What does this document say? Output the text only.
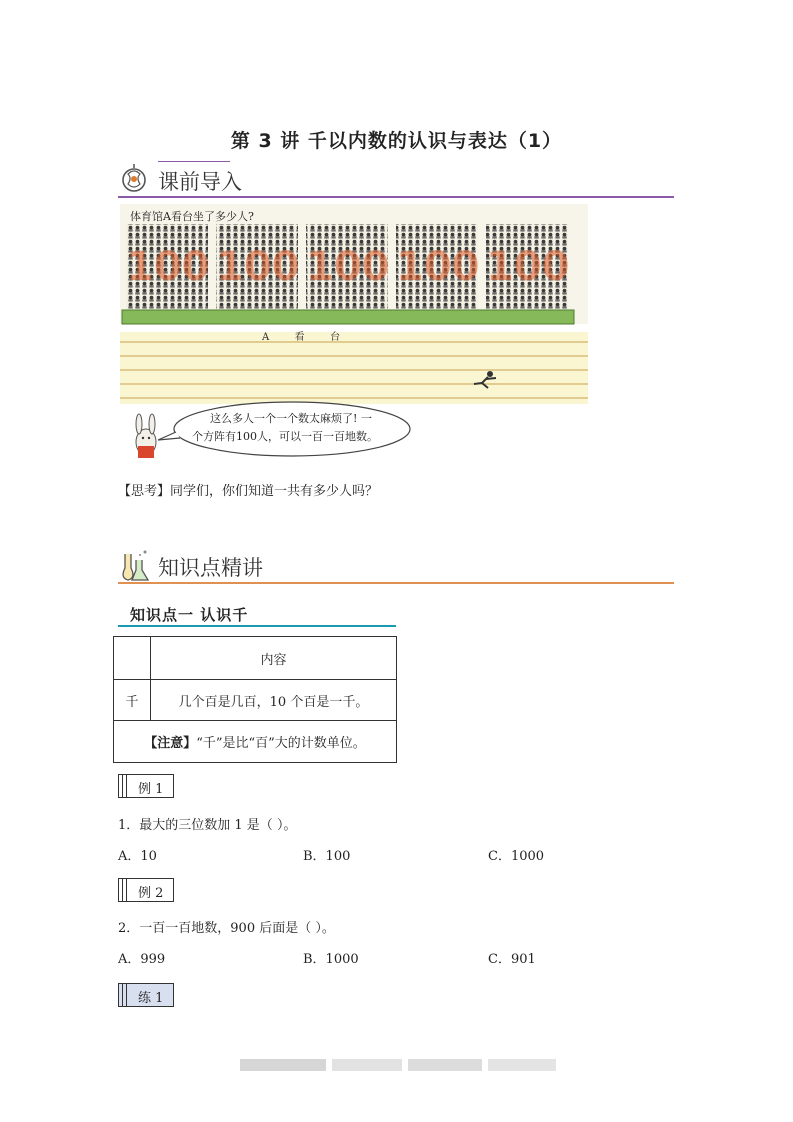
第 3 讲 千以内数的认识与表达（1）
课前导入
体育馆A看台坐了多少人?
100 100 100 100 100
A        看        台
这么多人一个一个数太麻烦了! 一
个方阵有100人，可以一百一百地数。
【思考】同学们，你们知道一共有多少人吗？
知识点精讲
知识点一 认识千
	内容
千	几个百是几百，10 个百是一千。
【注意】“千”是比“百”大的计数单位。	
例 1
1．最大的三位数加 1 是（ ）。
A．10	B．100	C．1000
例 2
2．一百一百地数，900 后面是（ ）。
A．999	B．1000	C．901
练 1
